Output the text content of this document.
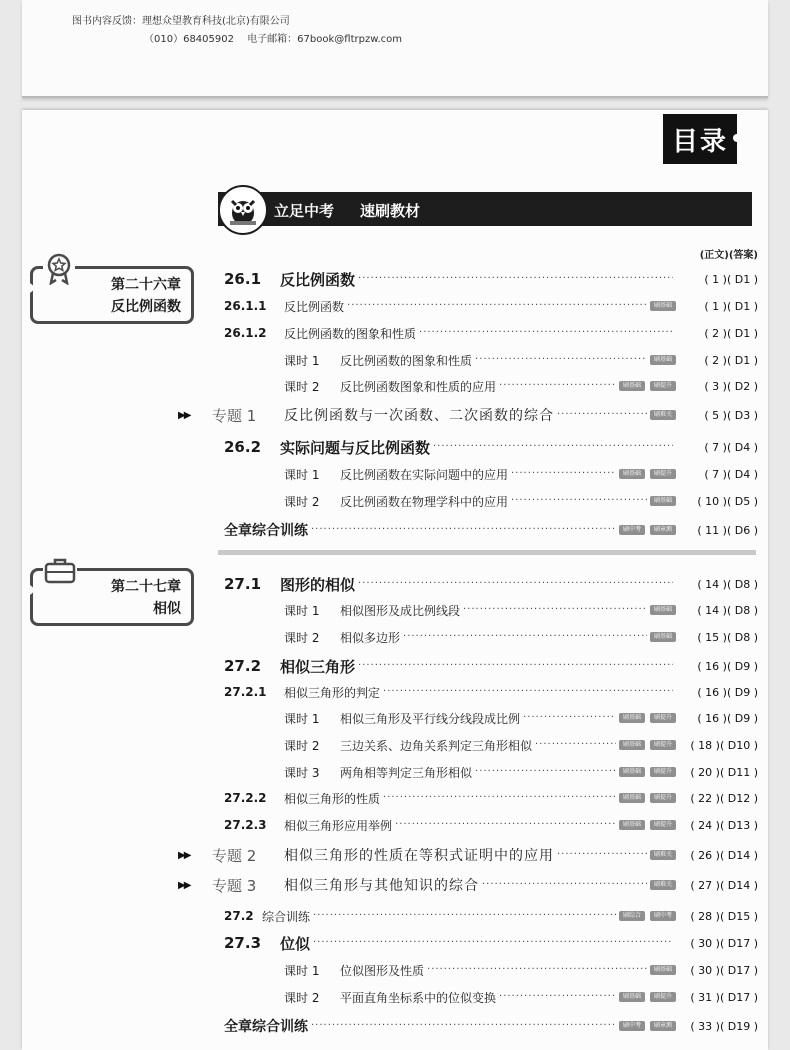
图书内容反馈：理想众望教育科技(北京)有限公司
（010）68405902 电子邮箱：67book@fltrpzw.com
目录
立足中考 速刷教材
(正文)(答案)
第二十六章
反比例函数
第二十七章
相似
26.1	反比例函数 ·····	( 1 )( D1 )
26.1.1	反比例函数 ·····	刷基础	( 1 )( D1 )
26.1.2	反比例函数的图象和性质 ·····	( 2 )( D1 )
课时 1	反比例函数的图象和性质 ·····	刷基础	( 2 )( D1 )
课时 2	反比例函数图象和性质的应用 ·····	刷基础	刷提升	( 3 )( D2 )
▶▶ 专题 1	反比例函数与一次函数、二次函数的综合 ·····	刷难关	( 5 )( D3 )
26.2	实际问题与反比例函数 ·····	( 7 )( D4 )
课时 1	反比例函数在实际问题中的应用 ·····	刷基础	刷提升	( 7 )( D4 )
课时 2	反比例函数在物理学科中的应用 ·····	刷基础	( 10 )( D5 )
全章综合训练 ·····	刷中考	刷章测	( 11 )( D6 )
27.1	图形的相似 ·····	( 14 )( D8 )
课时 1	相似图形及成比例线段 ·····	刷基础	( 14 )( D8 )
课时 2	相似多边形 ·····	刷基础	( 15 )( D8 )
27.2	相似三角形 ·····	( 16 )( D9 )
27.2.1	相似三角形的判定 ·····	( 16 )( D9 )
课时 1	相似三角形及平行线分线段成比例 ·····	刷基础	刷提升	( 16 )( D9 )
课时 2	三边关系、边角关系判定三角形相似 ·····	刷基础	刷提升	( 18 )( D10 )
课时 3	两角相等判定三角形相似 ·····	刷基础	刷提升	( 20 )( D11 )
27.2.2	相似三角形的性质 ·····	刷基础	刷提升	( 22 )( D12 )
27.2.3	相似三角形应用举例 ·····	刷基础	刷提升	( 24 )( D13 )
▶▶ 专题 2	相似三角形的性质在等积式证明中的应用 ·····	刷难关	( 26 )( D14 )
▶▶ 专题 3	相似三角形与其他知识的综合 ·····	刷难关	( 27 )( D14 )
27.2 综合训练 ·····	刷综合	刷中考	( 28 )( D15 )
27.3	位似 ·····	( 30 )( D17 )
课时 1	位似图形及性质 ·····	刷基础	( 30 )( D17 )
课时 2	平面直角坐标系中的位似变换 ·····	刷基础	刷提升	( 31 )( D17 )
全章综合训练 ·····	刷中考	刷章测	( 33 )( D19 )
